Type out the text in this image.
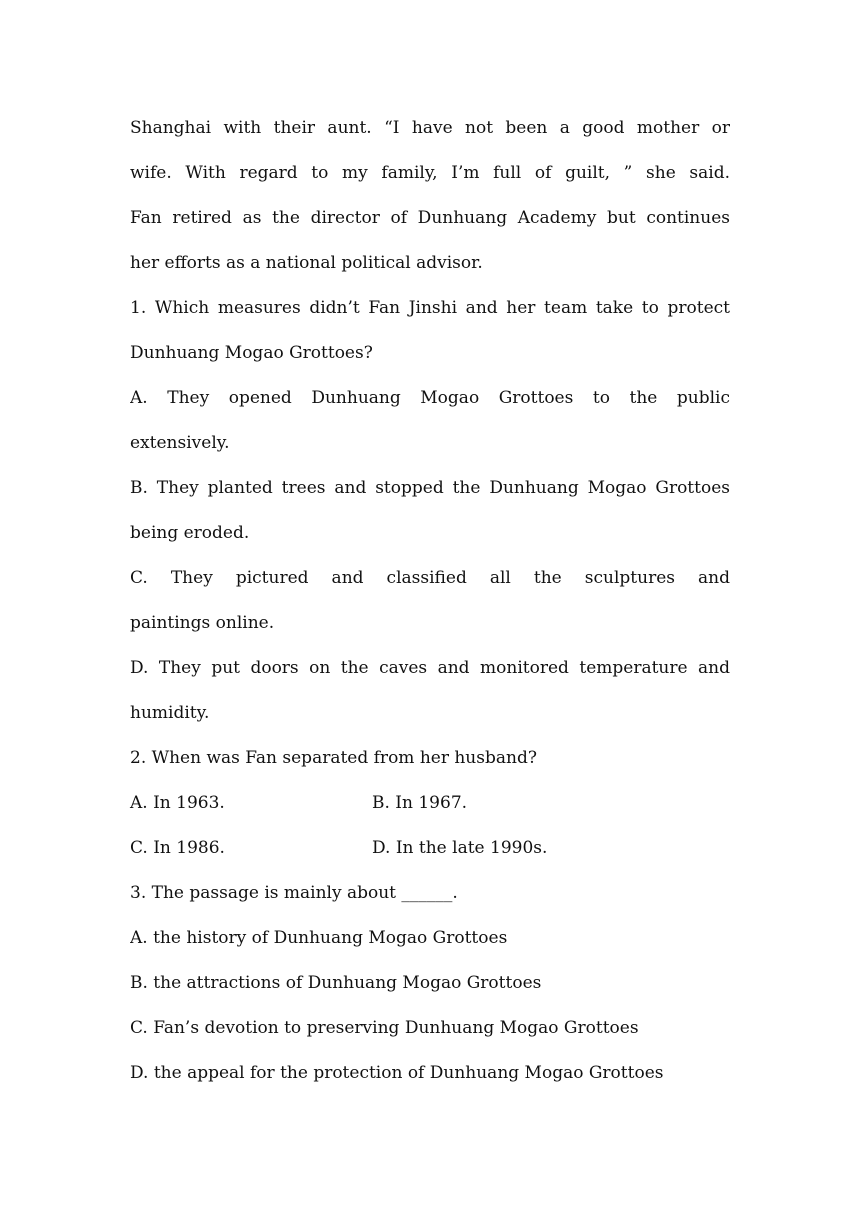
Shanghai with their aunt. “I have not been a good mother or
wife. With regard to my family, I’m full of guilt, ” she said.
Fan retired as the director of Dunhuang Academy but continues
her efforts as a national political advisor.
1. Which measures didn’t Fan Jinshi and her team take to protect
Dunhuang Mogao Grottoes?
A. They opened Dunhuang Mogao Grottoes to the public
extensively.
B. They planted trees and stopped the Dunhuang Mogao Grottoes
being eroded.
C. They pictured and classified all the sculptures and
paintings online.
D. They put doors on the caves and monitored temperature and
humidity.
2. When was Fan separated from her husband?
A. In 1963.	B. In 1967.
C. In 1986.	D. In the late 1990s.
3. The passage is mainly about ______.
A. the history of Dunhuang Mogao Grottoes
B. the attractions of Dunhuang Mogao Grottoes
C. Fan’s devotion to preserving Dunhuang Mogao Grottoes
D. the appeal for the protection of Dunhuang Mogao Grottoes
